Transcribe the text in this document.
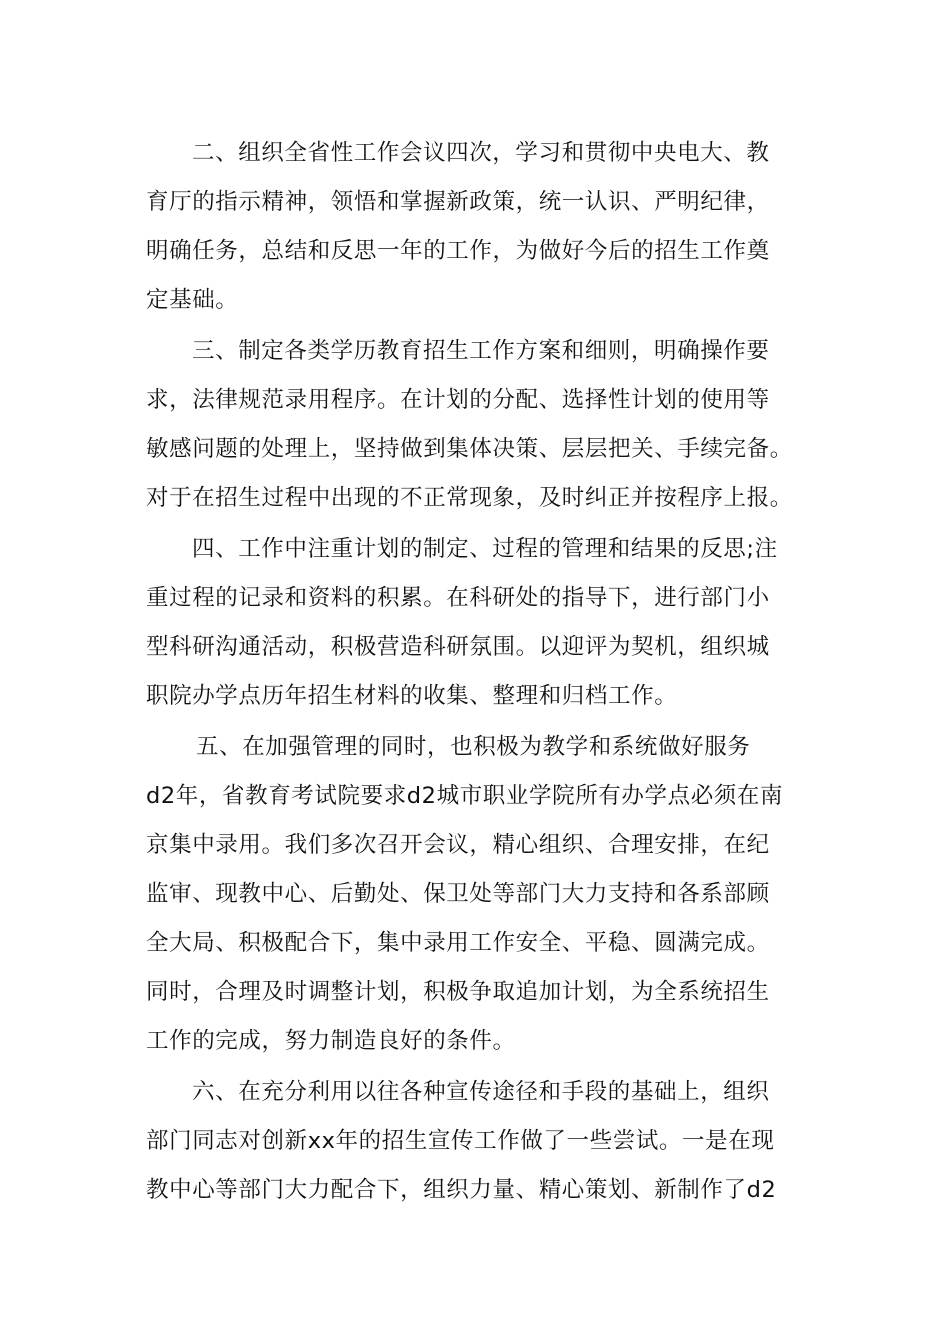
二、组织全省性工作会议四次，学习和贯彻中央电大、教
育厅的指示精神，领悟和掌握新政策，统一认识、严明纪律，
明确任务，总结和反思一年的工作，为做好今后的招生工作奠
定基础。
三、制定各类学历教育招生工作方案和细则，明确操作要
求，法律规范录用程序。在计划的分配、选择性计划的使用等
敏感问题的处理上，坚持做到集体决策、层层把关、手续完备。
对于在招生过程中出现的不正常现象，及时纠正并按程序上报。
四、工作中注重计划的制定、过程的管理和结果的反思;注
重过程的记录和资料的积累。在科研处的指导下，进行部门小
型科研沟通活动，积极营造科研氛围。以迎评为契机，组织城
职院办学点历年招生材料的收集、整理和归档工作。
五、在加强管理的同时，也积极为教学和系统做好服务
d2年，省教育考试院要求d2城市职业学院所有办学点必须在南
京集中录用。我们多次召开会议，精心组织、合理安排，在纪
监审、现教中心、后勤处、保卫处等部门大力支持和各系部顾
全大局、积极配合下，集中录用工作安全、平稳、圆满完成。
同时，合理及时调整计划，积极争取追加计划，为全系统招生
工作的完成，努力制造良好的条件。
六、在充分利用以往各种宣传途径和手段的基础上，组织
部门同志对创新xx年的招生宣传工作做了一些尝试。一是在现
教中心等部门大力配合下，组织力量、精心策划、新制作了d2
